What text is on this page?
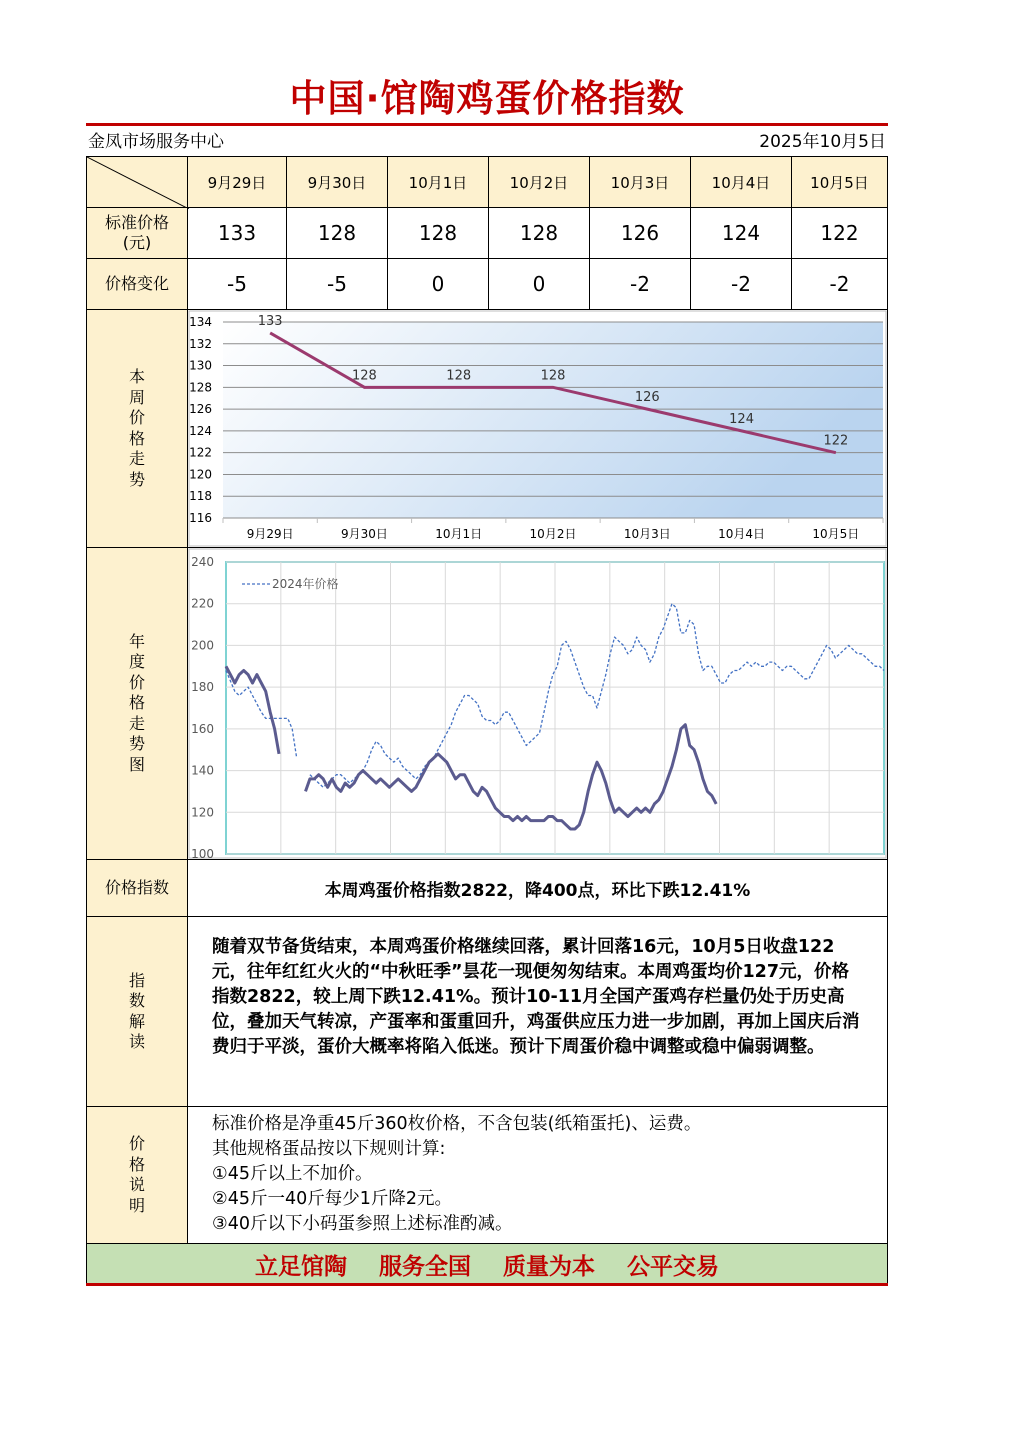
中国·馆陶鸡蛋价格指数
金凤市场服务中心	2025年10月5日
9月29日	9月30日	10月1日	10月2日	10月3日	10月4日	10月5日
标准价格(元)	133	128	128	128	126	124	122
价格变化	-5	-5	0	0	-2	-2	-2
本周价格走势
134
132
130
128
126
124
122
120
118
116
9月29日	9月30日	10月1日	10月2日	10月3日	10月4日	10月5日
133
128	128	128
126
124
122
年度价格走势图
240
220
200
180
160
140
120
100
2024年价格
价格指数	本周鸡蛋价格指数2822，降400点，环比下跌12.41%
指数解读
随着双节备货结束，本周鸡蛋价格继续回落，累计回落16元，10月5日收盘122元，往年红红火火的“中秋旺季”昙花一现便匆匆结束。本周鸡蛋均价127元，价格指数2822，较上周下跌12.41%。预计10-11月全国产蛋鸡存栏量仍处于历史高位，叠加天气转凉，产蛋率和蛋重回升，鸡蛋供应压力进一步加剧，再加上国庆后消费归于平淡，蛋价大概率将陷入低迷。预计下周蛋价稳中调整或稳中偏弱调整。
价格说明
标准价格是净重45斤360枚价格，不含包装(纸箱蛋托)、运费。
其他规格蛋品按以下规则计算:
①45斤以上不加价。
②45斤一40斤每少1斤降2元。
③40斤以下小码蛋参照上述标准酌减。
立足馆陶 服务全国 质量为本 公平交易
